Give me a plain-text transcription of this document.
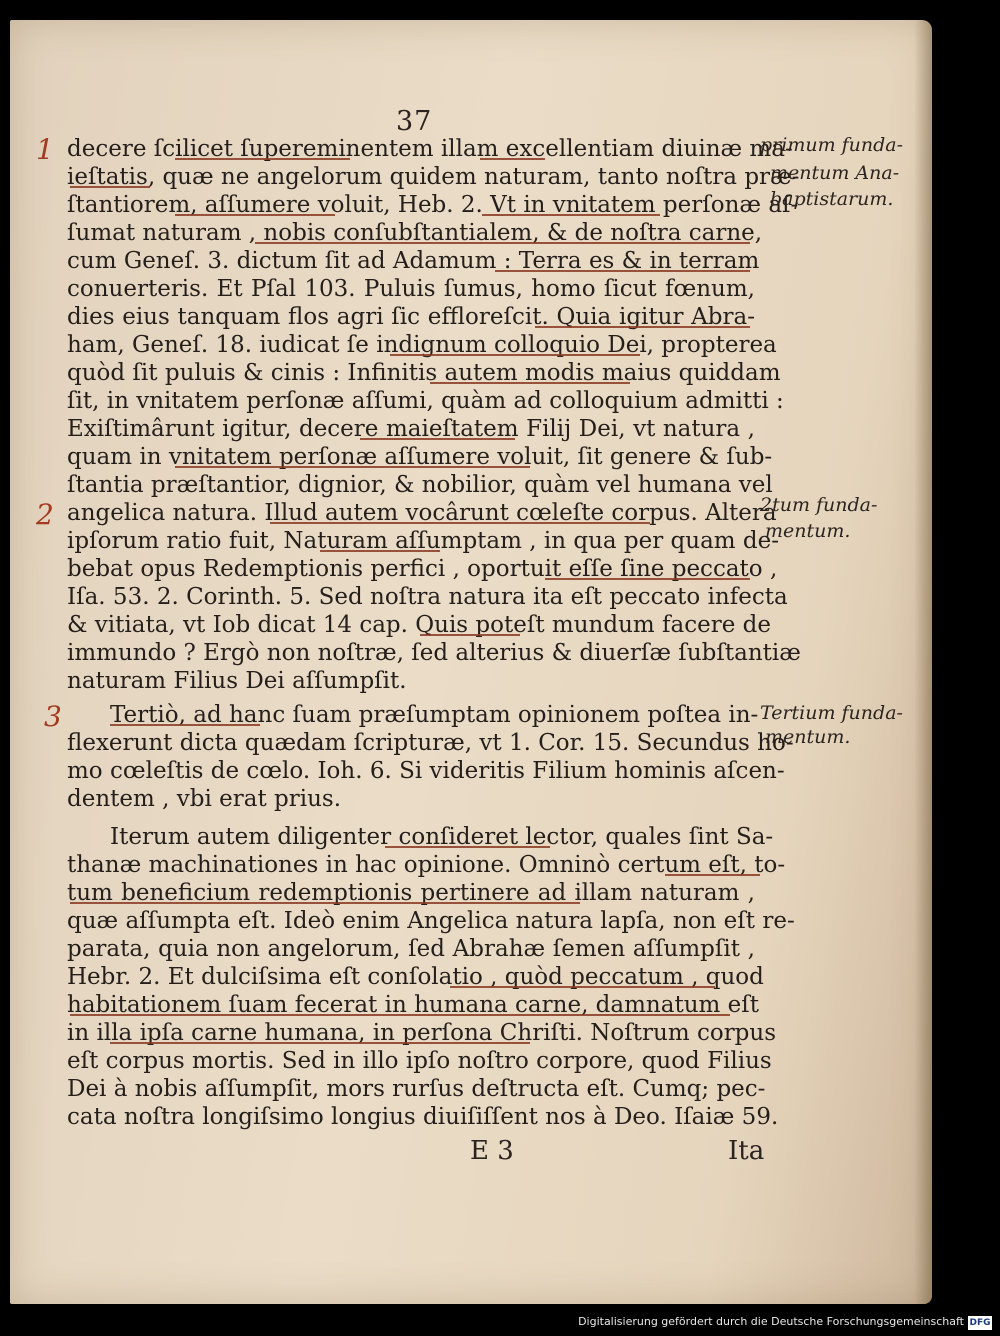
37
decere ſcilicet ſupereminentem illam excellentiam diuinæ ma-
ieſtatis, quæ ne angelorum quidem naturam, tanto noſtra præ-
ſtantiorem, aſſumere voluit, Heb. 2. Vt in vnitatem perſonæ aſ-
ſumat naturam , nobis conſubſtantialem, & de noſtra carne,
cum Geneſ. 3. dictum ſit ad Adamum : Terra es & in terram
conuerteris. Et Pſal 103. Puluis ſumus, homo ſicut fœnum,
dies eius tanquam flos agri ſic effloreſcit. Quia igitur Abra-
ham, Geneſ. 18. iudicat ſe indignum colloquio Dei, propterea
quòd ſit puluis & cinis : Infinitis autem modis maius quiddam
ſit, in vnitatem perſonæ aſſumi, quàm ad colloquium admitti :
Exiſtimârunt igitur, decere maieſtatem Filij Dei, vt natura ,
quam in vnitatem perſonæ aſſumere voluit, ſit genere & ſub-
ſtantia præſtantior, dignior, & nobilior, quàm vel humana vel
angelica natura. Illud autem vocârunt cœleſte corpus. Altera
ipſorum ratio fuit, Naturam aſſumptam , in qua per quam de-
bebat opus Redemptionis perfici , oportuit eſſe ſine peccato ,
Iſa. 53. 2. Corinth. 5. Sed noſtra natura ita eſt peccato infecta
& vitiata, vt Iob dicat 14 cap. Quis poteſt mundum facere de
immundo ? Ergò non noſtræ, ſed alterius & diuerſæ ſubſtantiæ
naturam Filius Dei aſſumpſit.
Tertiò, ad hanc ſuam præſumptam opinionem poſtea in-
flexerunt dicta quædam ſcripturæ, vt 1. Cor. 15. Secundus ho-
mo cœleſtis de cœlo. Ioh. 6. Si videritis Filium hominis aſcen-
dentem , vbi erat prius.
Iterum autem diligenter conſideret lector, quales ſint Sa-
thanæ machinationes in hac opinione. Omninò certum eſt, to-
tum beneficium redemptionis pertinere ad illam naturam ,
quæ aſſumpta eſt. Ideò enim Angelica natura lapſa, non eſt re-
parata, quia non angelorum, ſed Abrahæ ſemen aſſumpſit ,
Hebr. 2. Et dulciſsima eſt conſolatio , quòd peccatum , quod
habitationem ſuam fecerat in humana carne, damnatum eſt
in illa ipſa carne humana, in perſona Chriſti. Noſtrum corpus
eſt corpus mortis. Sed in illo ipſo noſtro corpore, quod Filius
Dei à nobis aſſumpſit, mors rurſus deſtructa eſt. Cumq; pec-
cata noſtra longiſsimo longius diuiſiſſent nos à Deo. Iſaiæ 59.
1
2
3
primum funda-
mentum Ana-
baptistarum.
2tum funda-
mentum.
Tertium funda-
mentum.
E 3	Ita
Digitalisierung gefördert durch die Deutsche Forschungsgemeinschaft DFG
